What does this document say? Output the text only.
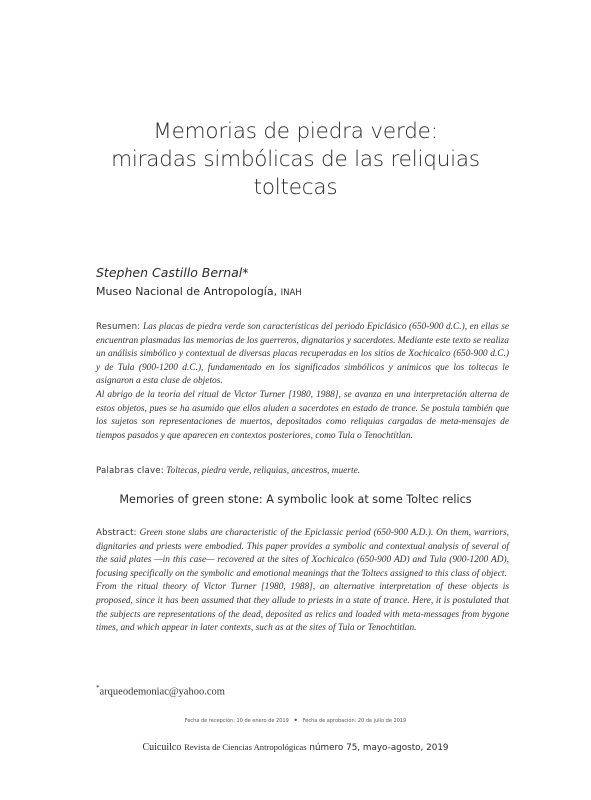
Memorias de piedra verde:
miradas simbólicas de las reliquias
toltecas
Stephen Castillo Bernal*
Museo Nacional de Antropología, INAH

Resumen: Las placas de piedra verde son características del periodo Epiclásico (650-900 d.C.), en ellas se encuentran plasmadas las memorias de los guerreros, dignatarios y sacerdotes. Mediante este texto se realiza un análisis simbólico y contextual de diversas placas recuperadas en los sitios de Xochicalco (650-900 d.C.) y de Tula (900-1200 d.C.), fundamentado en los significados simbólicos y anímicos que los toltecas le asignaron a esta clase de objetos.

Al abrigo de la teoría del ritual de Victor Turner [1980, 1988], se avanza en una interpretación alterna de estos objetos, pues se ha asumido que ellos aluden a sacerdotes en estado de trance. Se postula también que los sujetos son representaciones de muertos, depositados como reliquias cargadas de meta-mensajes de tiempos pasados y que aparecen en contextos posteriores, como Tula o Tenochtitlan.

Palabras clave: Toltecas, piedra verde, reliquias, ancestros, muerte.
Memories of green stone: A symbolic look at some Toltec relics

Abstract: Green stone slabs are characteristic of the Epiclassic period (650-900 A.D.). On them, warriors, dignitaries and priests were embodied. This paper provides a symbolic and contextual analysis of several of the said plates —in this case— recovered at the sites of Xochicalco (650-900 AD) and Tula (900-1200 AD), focusing specifically on the symbolic and emotional meanings that the Toltecs assigned to this class of object.

From the ritual theory of Victor Turner [1980, 1988], an alternative interpretation of these objects is proposed, since it has been assumed that they allude to priests in a state of trance. Here, it is postulated that the subjects are representations of the dead, deposited as relics and loaded with meta-messages from bygone times, and which appear in later contexts, such as at the sites of Tula or Tenochtitlan.

*arqueodemoniac@yahoo.com
Fecha de recepción: 10 de enero de 2019 • Fecha de aprobación: 20 de julio de 2019
Cuicuilco Revista de Ciencias Antropológicas número 75, mayo-agosto, 2019
